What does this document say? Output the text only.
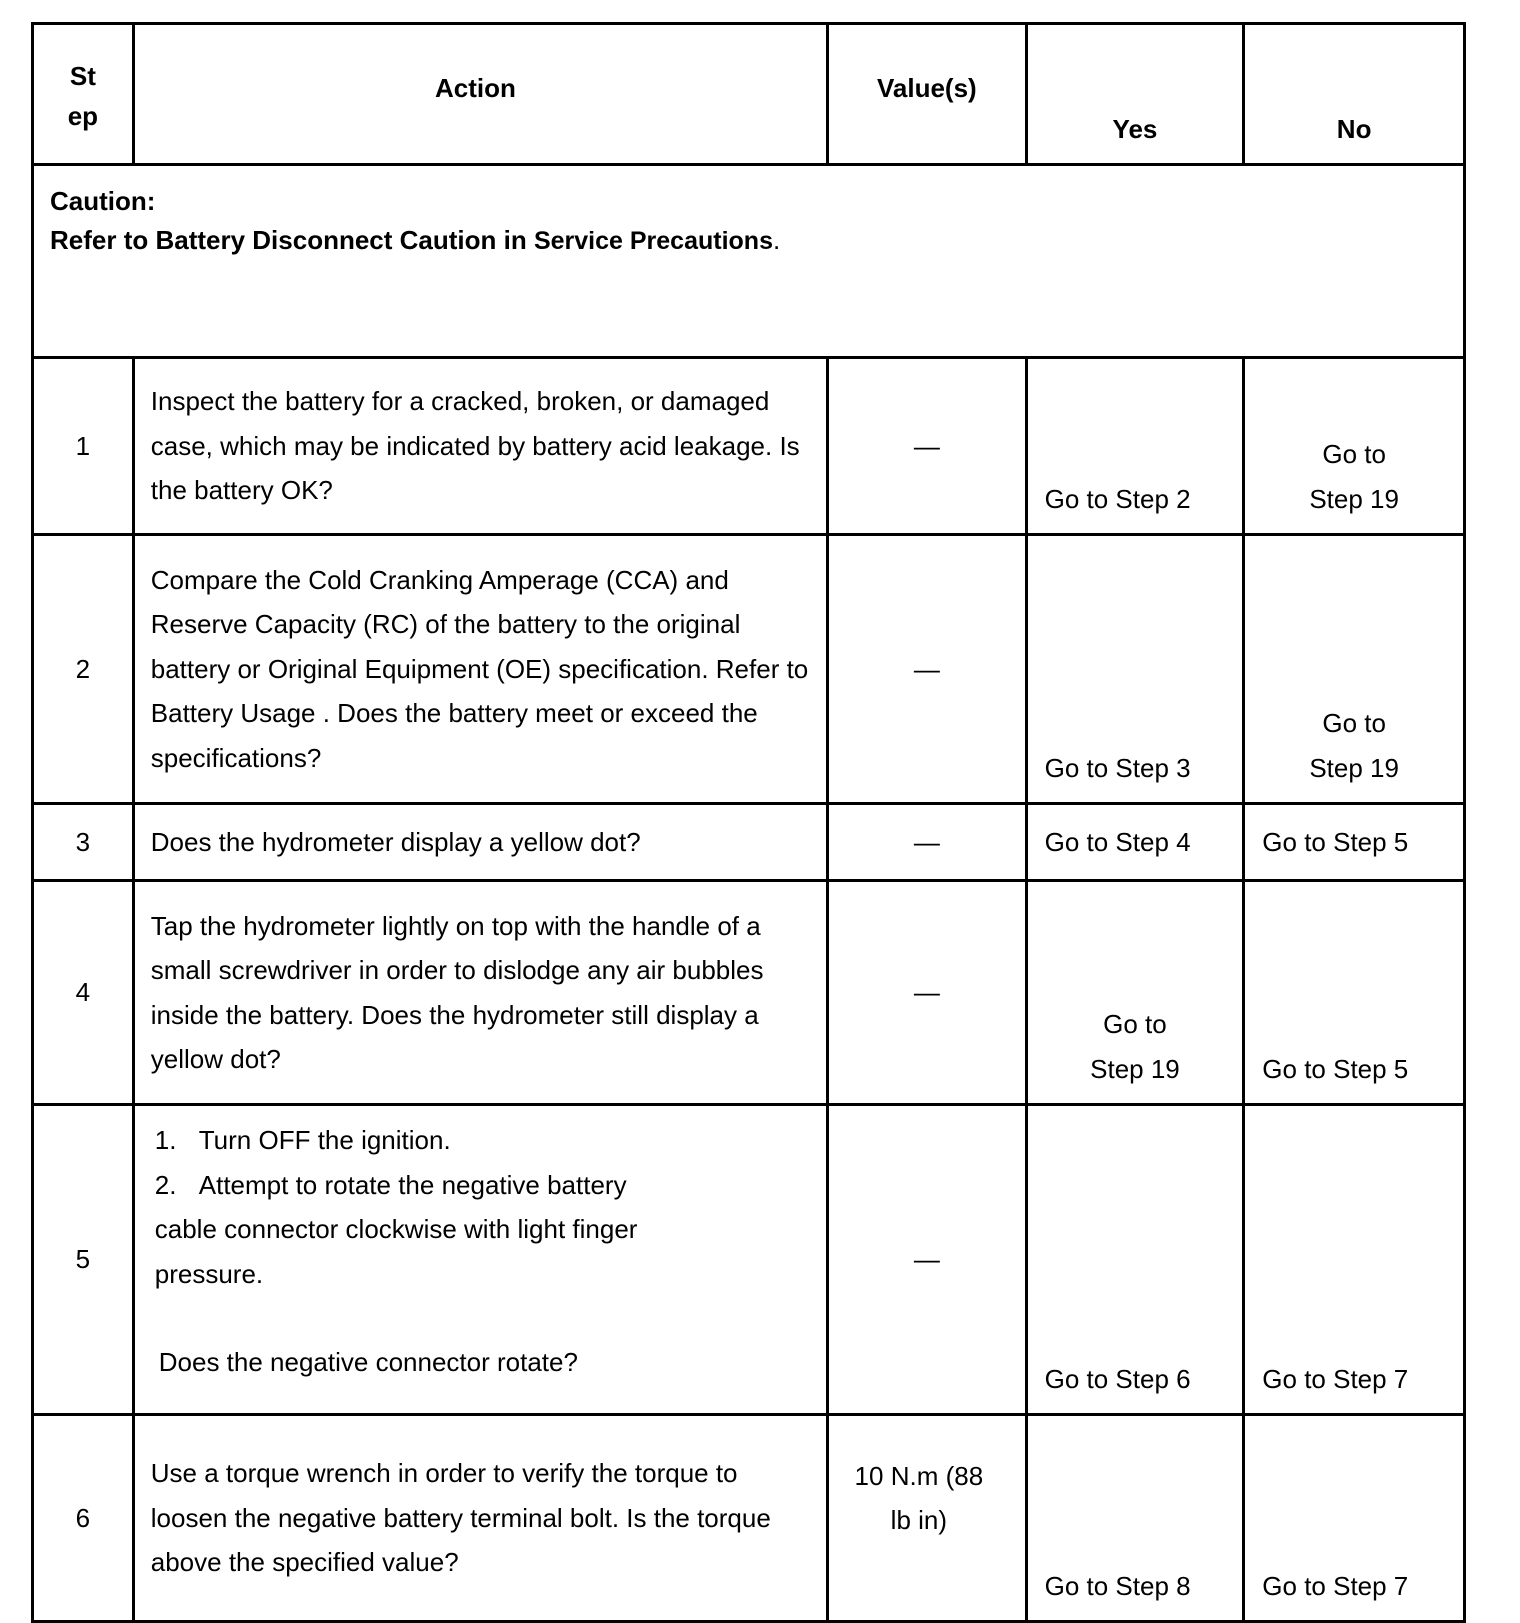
St
ep	Action	Value(s)	Yes	No
Caution:
Refer to Battery Disconnect Caution in Service Precautions.				
1	Inspect the battery for a cracked, broken, or damaged case, which may be indicated by battery acid leakage. Is the battery OK?	—	Go to Step 2	Go to Step 19
2	Compare the Cold Cranking Amperage (CCA) and Reserve Capacity (RC) of the battery to the original battery or Original Equipment (OE) specification. Refer to Battery Usage . Does the battery meet or exceed the specifications?	—	Go to Step 3	Go to Step 19
3	Does the hydrometer display a yellow dot?	—	Go to Step 4	Go to Step 5
4	Tap the hydrometer lightly on top with the handle of a small screwdriver in order to dislodge any air bubbles inside the battery. Does the hydrometer still display a yellow dot?	—	Go to Step 19	Go to Step 5
5	1. Turn OFF the ignition.
2. Attempt to rotate the negative battery cable connector clockwise with light finger pressure.
Does the negative connector rotate?	—	Go to Step 6	Go to Step 7
6	Use a torque wrench in order to verify the torque to loosen the negative battery terminal bolt. Is the torque above the specified value?	10 N.m (88 lb in)	Go to Step 8	Go to Step 7
